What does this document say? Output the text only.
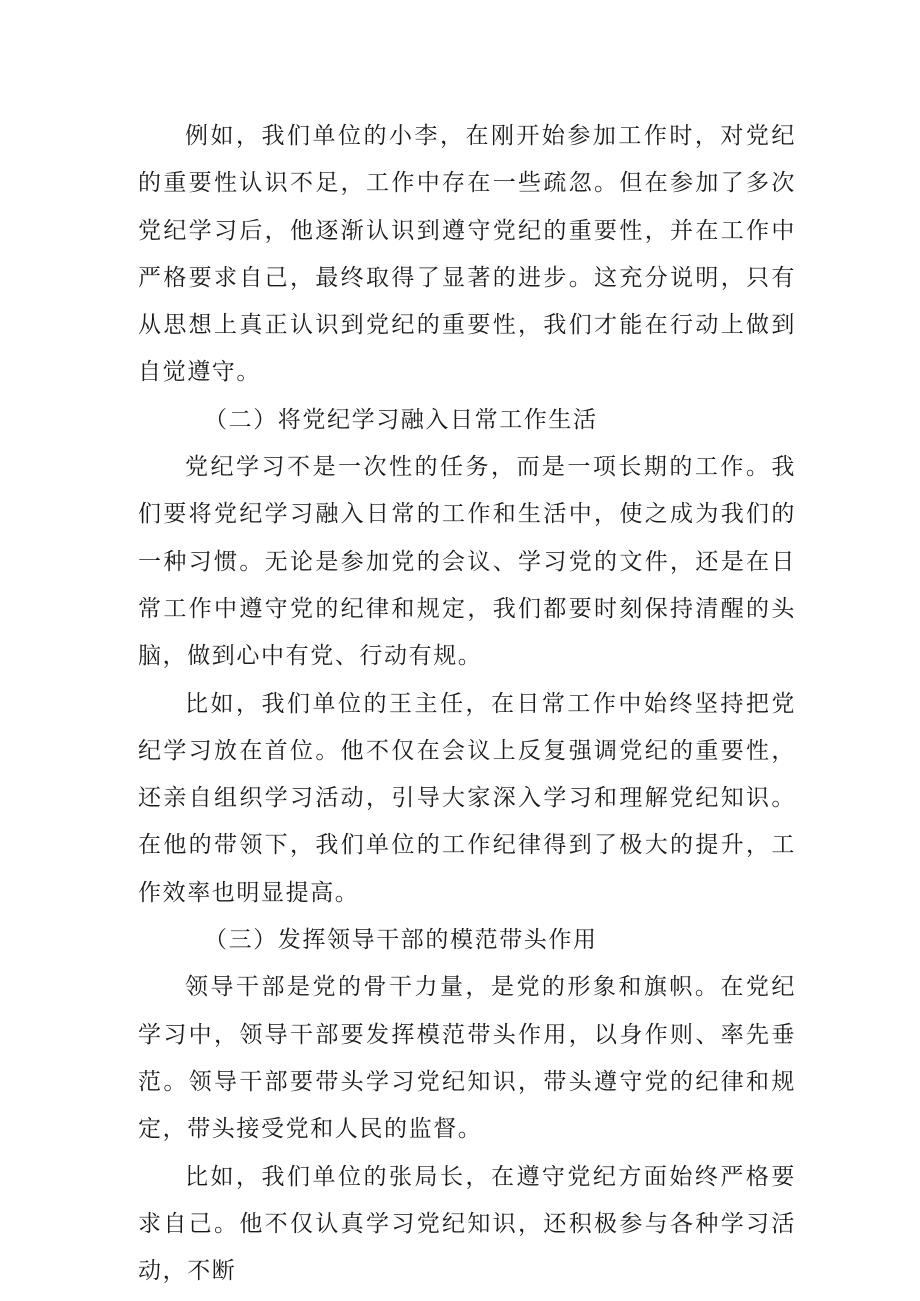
例如，我们单位的小李，在刚开始参加工作时，对党纪的重要性认识不足，工作中存在一些疏忽。但在参加了多次党纪学习后，他逐渐认识到遵守党纪的重要性，并在工作中严格要求自己，最终取得了显著的进步。这充分说明，只有从思想上真正认识到党纪的重要性，我们才能在行动上做到自觉遵守。

（二）将党纪学习融入日常工作生活

党纪学习不是一次性的任务，而是一项长期的工作。我们要将党纪学习融入日常的工作和生活中，使之成为我们的一种习惯。无论是参加党的会议、学习党的文件，还是在日常工作中遵守党的纪律和规定，我们都要时刻保持清醒的头脑，做到心中有党、行动有规。

比如，我们单位的王主任，在日常工作中始终坚持把党纪学习放在首位。他不仅在会议上反复强调党纪的重要性，还亲自组织学习活动，引导大家深入学习和理解党纪知识。在他的带领下，我们单位的工作纪律得到了极大的提升，工作效率也明显提高。

（三）发挥领导干部的模范带头作用

领导干部是党的骨干力量，是党的形象和旗帜。在党纪学习中，领导干部要发挥模范带头作用，以身作则、率先垂范。领导干部要带头学习党纪知识，带头遵守党的纪律和规定，带头接受党和人民的监督。

比如，我们单位的张局长，在遵守党纪方面始终严格要求自己。他不仅认真学习党纪知识，还积极参与各种学习活动，不断
